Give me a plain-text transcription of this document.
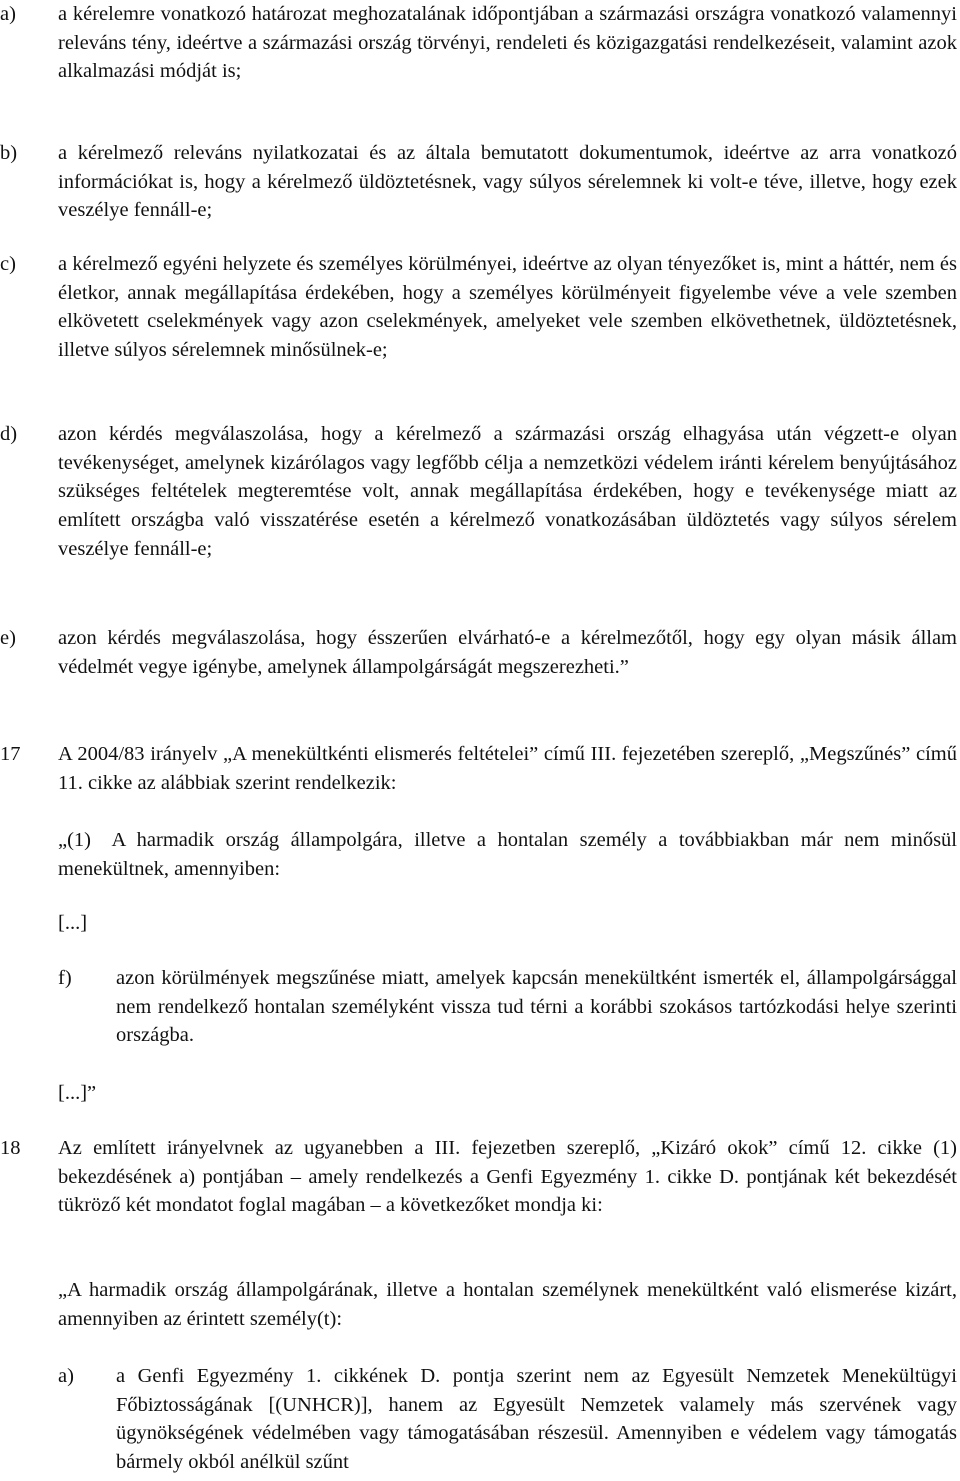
a)	a kérelemre vonatkozó határozat meghozatalának időpontjában a származási országra vonatkozó valamennyi releváns tény, ideértve a származási ország törvényi, rendeleti és közigazgatási rendelkezéseit, valamint azok alkalmazási módját is;
b)	a kérelmező releváns nyilatkozatai és az általa bemutatott dokumentumok, ideértve az arra vonatkozó információkat is, hogy a kérelmező üldöztetésnek, vagy súlyos sérelemnek ki volt-e téve, illetve, hogy ezek veszélye fennáll-e;
c)	a kérelmező egyéni helyzete és személyes körülményei, ideértve az olyan tényezőket is, mint a háttér, nem és életkor, annak megállapítása érdekében, hogy a személyes körülményeit figyelembe véve a vele szemben elkövetett cselekmények vagy azon cselekmények, amelyeket vele szemben elkövethetnek, üldöztetésnek, illetve súlyos sérelemnek minősülnek-e;
d)	azon kérdés megválaszolása, hogy a kérelmező a származási ország elhagyása után végzett-e olyan tevékenységet, amelynek kizárólagos vagy legfőbb célja a nemzetközi védelem iránti kérelem benyújtásához szükséges feltételek megteremtése volt, annak megállapítása érdekében, hogy e tevékenysége miatt az említett országba való visszatérése esetén a kérelmező vonatkozásában üldöztetés vagy súlyos sérelem veszélye fennáll-e;
e)	azon kérdés megválaszolása, hogy ésszerűen elvárható-e a kérelmezőtől, hogy egy olyan másik állam védelmét vegye igénybe, amelynek állampolgárságát megszerezheti.”
17 A 2004/83 irányelv „A menekültkénti elismerés feltételei” című III. fejezetében szereplő, „Megszűnés” című 11. cikke az alábbiak szerint rendelkezik:
„(1) A harmadik ország állampolgára, illetve a hontalan személy a továbbiakban már nem minősül menekültnek, amennyiben:
[...]
f)	azon körülmények megszűnése miatt, amelyek kapcsán menekültként ismerték el, állampolgársággal nem rendelkező hontalan személyként vissza tud térni a korábbi szokásos tartózkodási helye szerinti országba.
[...]”
18 Az említett irányelvnek az ugyanebben a III. fejezetben szereplő, „Kizáró okok” című 12. cikke (1) bekezdésének a) pontjában – amely rendelkezés a Genfi Egyezmény 1. cikke D. pontjának két bekezdését tükröző két mondatot foglal magában – a következőket mondja ki:
„A harmadik ország állampolgárának, illetve a hontalan személynek menekültként való elismerése kizárt, amennyiben az érintett személy(t):
a)	a Genfi Egyezmény 1. cikkének D. pontja szerint nem az Egyesült Nemzetek Menekültügyi Főbiztosságának [(UNHCR)], hanem az Egyesült Nemzetek valamely más szervének vagy ügynökségének védelmében vagy támogatásában részesül. Amennyiben e védelem vagy támogatás bármely okból anélkül szűnt
